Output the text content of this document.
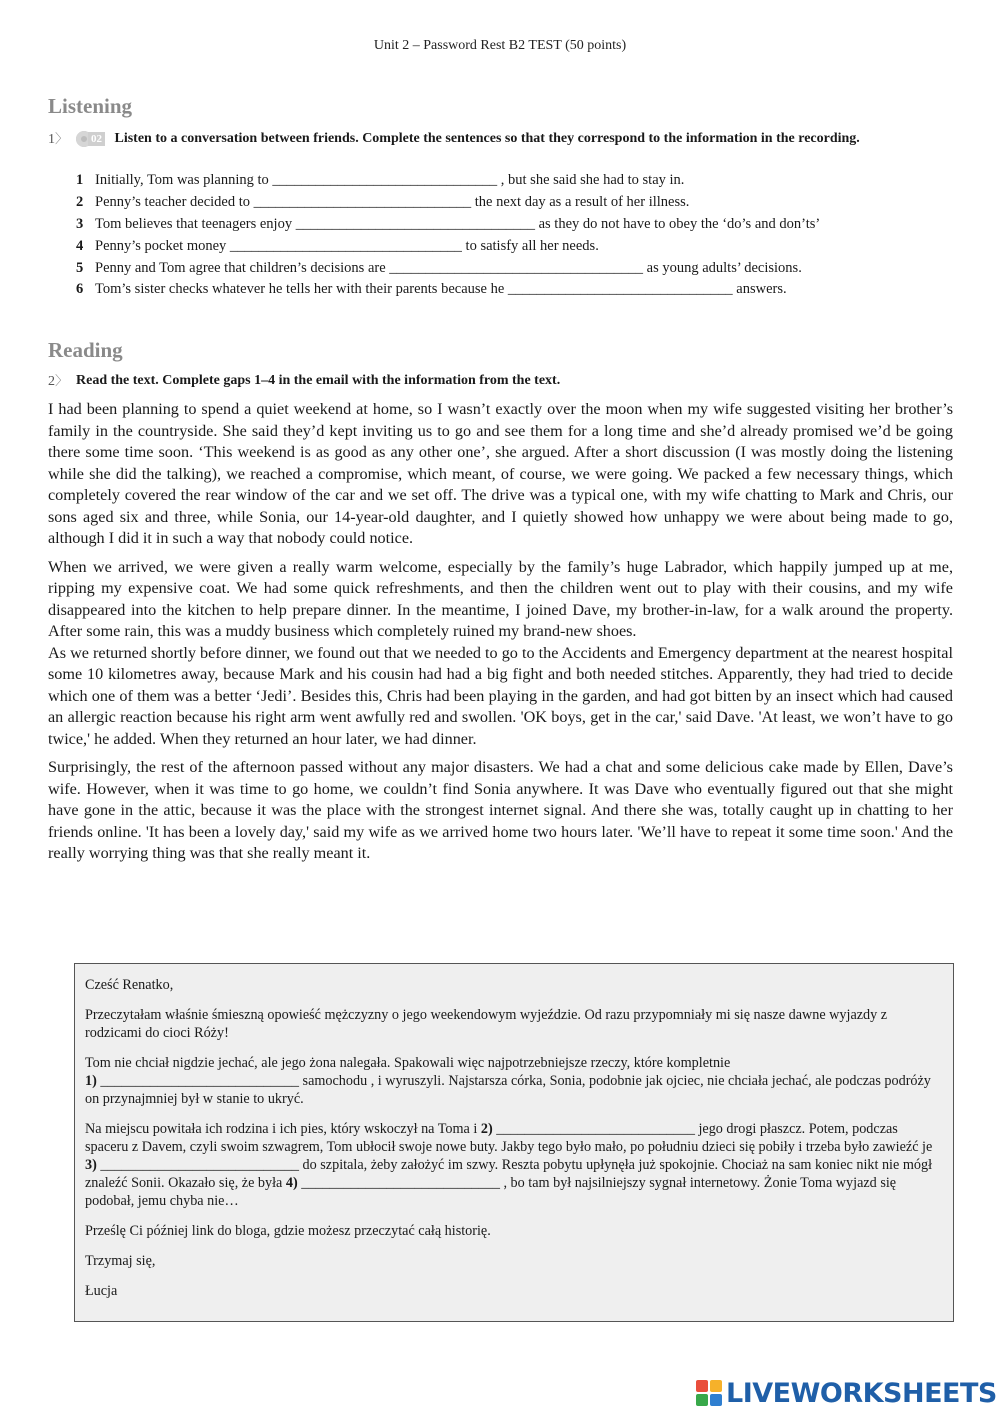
Unit 2 – Password Rest B2 TEST (50 points)
Listening
1〉	02 Listen to a conversation between friends. Complete the sentences so that they correspond to the information in the recording.
1 Initially, Tom was planning to _______________________________ , but she said she had to stay in.
2 Penny’s teacher decided to ______________________________ the next day as a result of her illness.
3 Tom believes that teenagers enjoy _________________________________ as they do not have to obey the ‘do’s and don’ts’
4 Penny’s pocket money ________________________________ to satisfy all her needs.
5 Penny and Tom agree that children’s decisions are ___________________________________ as young adults’ decisions.
6 Tom’s sister checks whatever he tells her with their parents because he _______________________________ answers.
Reading
2〉 Read the text. Complete gaps 1–4 in the email with the information from the text.

I had been planning to spend a quiet weekend at home, so I wasn’t exactly over the moon when my wife suggested visiting her brother’s family in the countryside. She said they’d kept inviting us to go and see them for a long time and she’d already promised we’d be going there some time soon. ‘This weekend is as good as any other one’, she argued. After a short discussion (I was mostly doing the listening while she did the talking), we reached a compromise, which meant, of course, we were going. We packed a few necessary things, which completely covered the rear window of the car and we set off. The drive was a typical one, with my wife chatting to Mark and Chris, our sons aged six and three, while Sonia, our 14-year-old daughter, and I quietly showed how unhappy we were about being made to go, although I did it in such a way that nobody could notice.

When we arrived, we were given a really warm welcome, especially by the family’s huge Labrador, which happily jumped up at me, ripping my expensive coat. We had some quick refreshments, and then the children went out to play with their cousins, and my wife disappeared into the kitchen to help prepare dinner. In the meantime, I joined Dave, my brother-in-law, for a walk around the property. After some rain, this was a muddy business which completely ruined my brand-new shoes.

As we returned shortly before dinner, we found out that we needed to go to the Accidents and Emergency department at the nearest hospital some 10 kilometres away, because Mark and his cousin had had a big fight and both needed stitches. Apparently, they had tried to decide which one of them was a better ‘Jedi’. Besides this, Chris had been playing in the garden, and had got bitten by an insect which had caused an allergic reaction because his right arm went awfully red and swollen. 'OK boys, get in the car,' said Dave. 'At least, we won’t have to go twice,' he added. When they returned an hour later, we had dinner.

Surprisingly, the rest of the afternoon passed without any major disasters. We had a chat and some delicious cake made by Ellen, Dave’s wife. However, when it was time to go home, we couldn’t find Sonia anywhere. It was Dave who eventually figured out that she might have gone in the attic, because it was the place with the strongest internet signal. And there she was, totally caught up in chatting to her friends online. 'It has been a lovely day,' said my wife as we arrived home two hours later. 'We’ll have to repeat it some time soon.' And the really worrying thing was that she really meant it.

Cześć Renatko,

Przeczytałam właśnie śmieszną opowieść mężczyzny o jego weekendowym wyjeździe. Od razu przypomniały mi się nasze dawne wyjazdy z rodzicami do cioci Róży!

Tom nie chciał nigdzie jechać, ale jego żona nalegała. Spakowali więc najpotrzebniejsze rzeczy, które kompletnie
1) ____________________________ samochodu , i wyruszyli. Najstarsza córka, Sonia, podobnie jak ojciec, nie chciała jechać, ale podczas podróży on przynajmniej był w stanie to ukryć.

Na miejscu powitała ich rodzina i ich pies, który wskoczył na Toma i 2) ____________________________ jego drogi płaszcz. Potem, podczas spaceru z Davem, czyli swoim szwagrem, Tom ubłocił swoje nowe buty. Jakby tego było mało, po południu dzieci się pobiły i trzeba było zawieźć je
3) ____________________________ do szpitala, żeby założyć im szwy. Reszta pobytu upłynęła już spokojnie. Chociaż na sam koniec nikt nie mógł znaleźć Sonii. Okazało się, że była 4) ____________________________ , bo tam był najsilniejszy sygnał internetowy. Żonie Toma wyjazd się podobał, jemu chyba nie…

Prześlę Ci później link do bloga, gdzie możesz przeczytać całą historię.

Trzymaj się,

Łucja

LIVEWORKSHEETS
